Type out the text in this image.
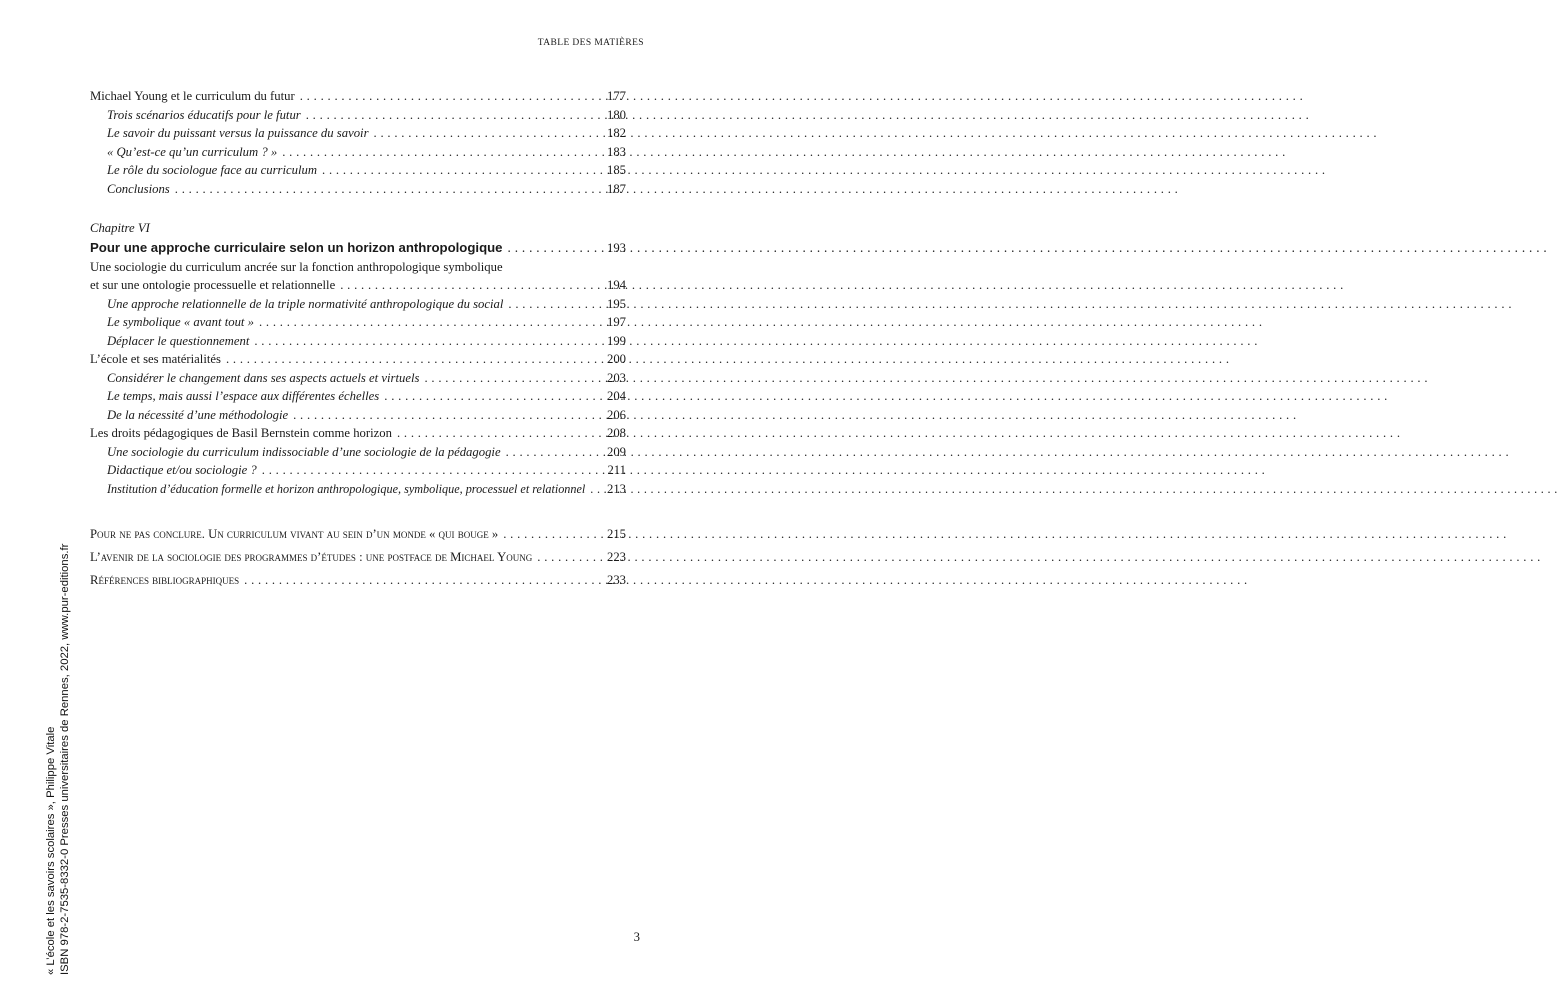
TABLE DES MATIÈRES
Michael Young et le curriculum du futur . . .	177
Trois scénarios éducatifs pour le futur . . .	180
Le savoir du puissant versus la puissance du savoir . . .	182
« Qu’est-ce qu’un curriculum ? » . . .	183
Le rôle du sociologue face au curriculum . . .	185
Conclusions . . .	187
Chapitre VI
Pour une approche curriculaire selon un horizon anthropologique . . .	193
Une sociologie du curriculum ancrée sur la fonction anthropologique symbolique
et sur une ontologie processuelle et relationnelle . . .	194
Une approche relationnelle de la triple normativité anthropologique du social . . .	195
Le symbolique « avant tout » . . .	197
Déplacer le questionnement . . .	199
L’école et ses matérialités . . .	200
Considérer le changement dans ses aspects actuels et virtuels . . .	203
Le temps, mais aussi l’espace aux différentes échelles . . .	204
De la nécessité d’une méthodologie . . .	206
Les droits pédagogiques de Basil Bernstein comme horizon . . .	208
Une sociologie du curriculum indissociable d’une sociologie de la pédagogie . . .	209
Didactique et/ou sociologie ? . . .	211
Institution d’éducation formelle et horizon anthropologique, symbolique, processuel et relationnel . . . 213
Pour ne pas conclure. Un curriculum vivant au sein d’un monde « qui bouge » . . .	215
L’avenir de la sociologie des programmes d’études : une postface de Michael Young . . .	223
Références bibliographiques . . .	233
« L’école et les savoirs scolaires », Philippe Vitale ISBN 978-2-7535-8332-0 Presses universitaires de Rennes, 2022, www.pur-editions.fr	3
